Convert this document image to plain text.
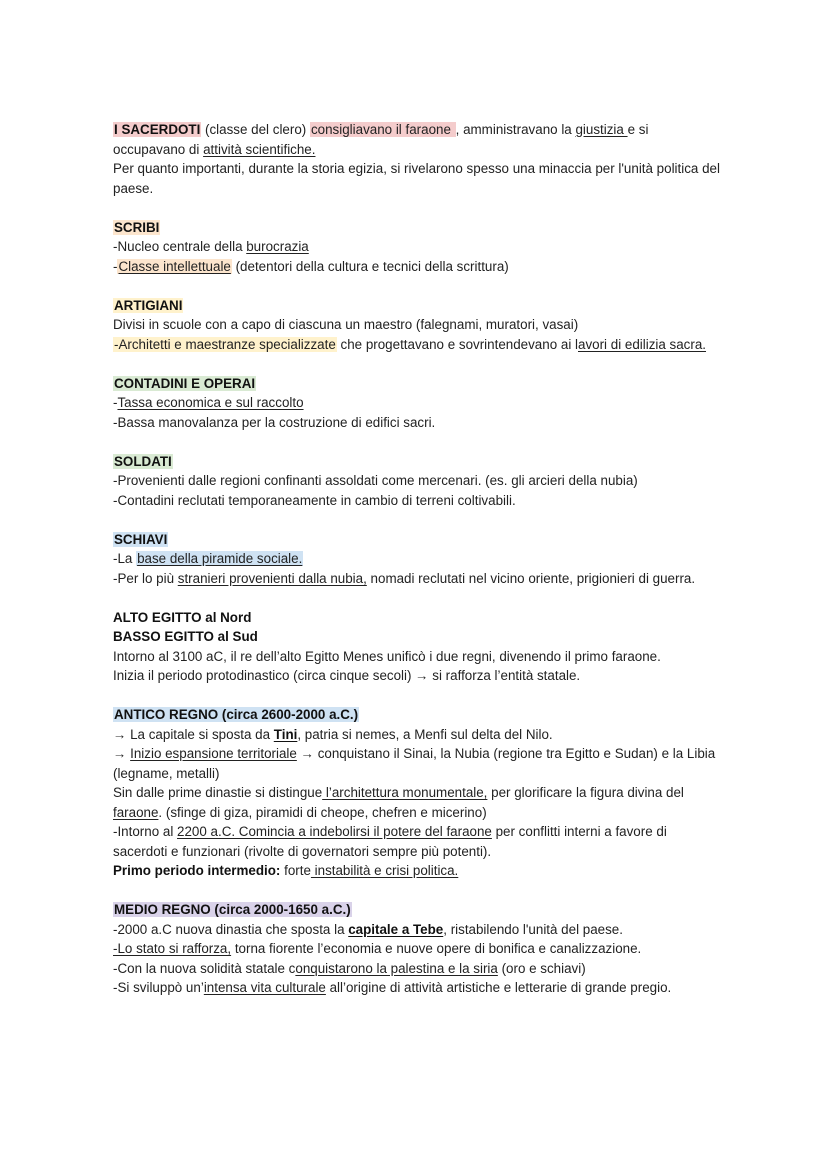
I SACERDOTI (classe del clero) consigliavano il faraone , amministravano la giustizia e si occupavano di attività scientifiche.

Per quanto importanti, durante la storia egizia, si rivelarono spesso una minaccia per l'unità politica del paese.

SCRIBI

-Nucleo centrale della burocrazia

-Classe intellettuale (detentori della cultura e tecnici della scrittura)

ARTIGIANI

Divisi in scuole con a capo di ciascuna un maestro (falegnami, muratori, vasai)

-Architetti e maestranze specializzate che progettavano e sovrintendevano ai lavori di edilizia sacra.

CONTADINI E OPERAI

-Tassa economica e sul raccolto

-Bassa manovalanza per la costruzione di edifici sacri.

SOLDATI

-Provenienti dalle regioni confinanti assoldati come mercenari. (es. gli arcieri della nubia)

-Contadini reclutati temporaneamente in cambio di terreni coltivabili.

SCHIAVI

-La base della piramide sociale.

-Per lo più stranieri provenienti dalla nubia, nomadi reclutati nel vicino oriente, prigionieri di guerra.

ALTO EGITTO al Nord

BASSO EGITTO al Sud

Intorno al 3100 aC, il re dell’alto Egitto Menes unificò i due regni, divenendo il primo faraone.

Inizia il periodo protodinastico (circa cinque secoli) → si rafforza l’entità statale.

ANTICO REGNO (circa 2600-2000 a.C.)

→ La capitale si sposta da Tini, patria si nemes, a Menfi sul delta del Nilo.

→ Inizio espansione territoriale → conquistano il Sinai, la Nubia (regione tra Egitto e Sudan) e la Libia (legname, metalli)

Sin dalle prime dinastie si distingue l’architettura monumentale, per glorificare la figura divina del faraone. (sfinge di giza, piramidi di cheope, chefren e micerino)

-Intorno al 2200 a.C. Comincia a indebolirsi il potere del faraone per conflitti interni a favore di sacerdoti e funzionari (rivolte di governatori sempre più potenti).

Primo periodo intermedio: forte instabilità e crisi politica.

MEDIO REGNO (circa 2000-1650 a.C.)

-2000 a.C nuova dinastia che sposta la capitale a Tebe, ristabilendo l'unità del paese.

-Lo stato si rafforza, torna fiorente l’economia e nuove opere di bonifica e canalizzazione.

-Con la nuova solidità statale conquistarono la palestina e la siria (oro e schiavi)

-Si sviluppò un’intensa vita culturale all’origine di attività artistiche e letterarie di grande pregio.
